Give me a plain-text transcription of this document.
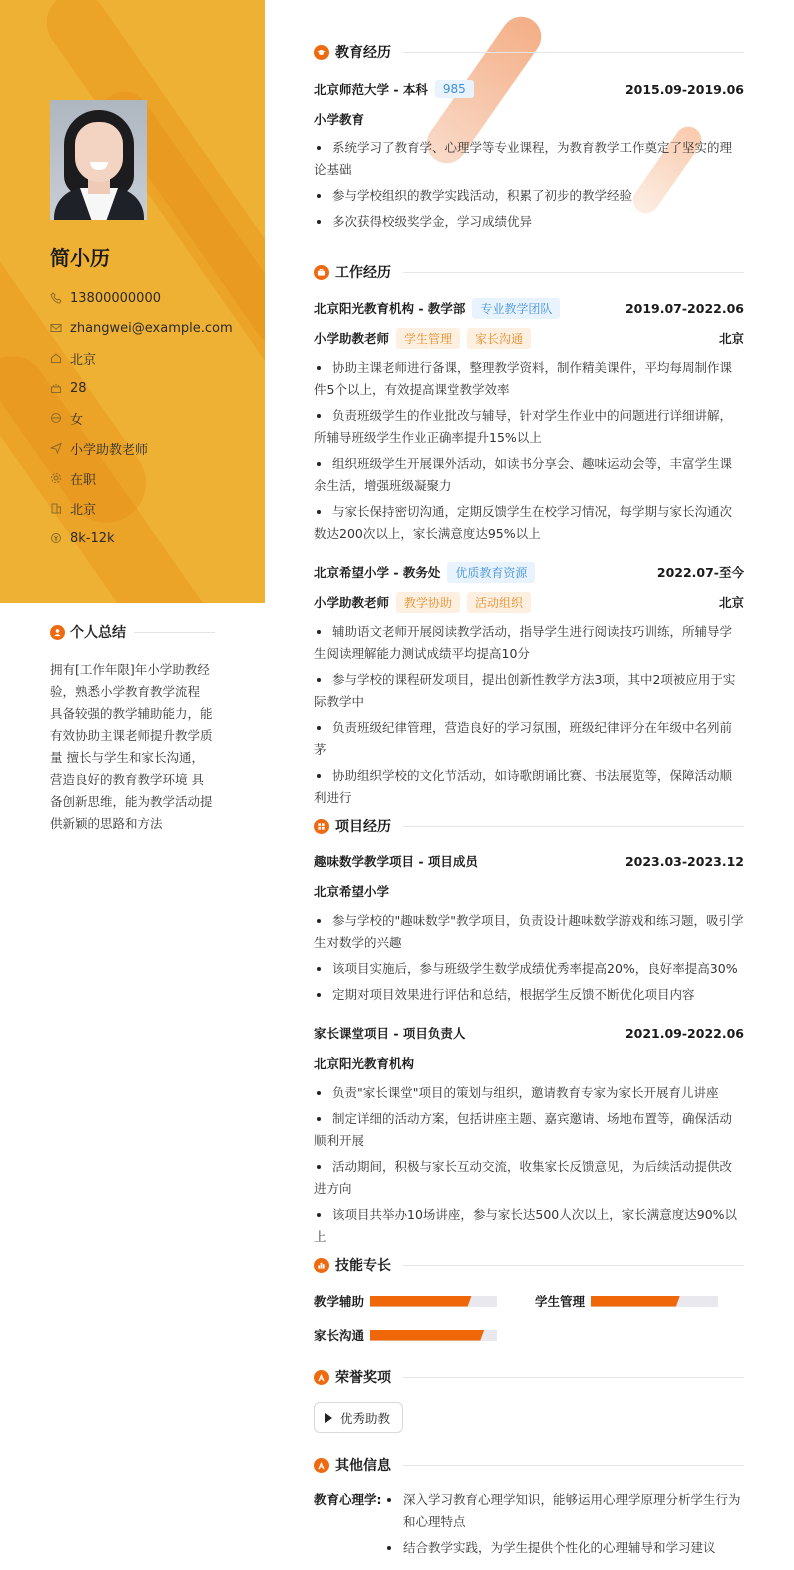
简小历
13800000000
zhangwei@example.com
北京
28
女
小学助教老师
在职
北京
8k-12k
个人总结
拥有[工作年限]年小学助教经验，熟悉小学教育教学流程 具备较强的教学辅助能力，能有效协助主课老师提升教学质量 擅长与学生和家长沟通，营造良好的教育教学环境 具备创新思维，能为教学活动提供新颖的思路和方法
教育经历
北京师范大学 - 本科	985	2015.09-2019.06
小学教育
系统学习了教育学、心理学等专业课程，为教育教学工作奠定了坚实的理论基础
参与学校组织的教学实践活动，积累了初步的教学经验
多次获得校级奖学金，学习成绩优异
工作经历
北京阳光教育机构 - 教学部	专业教学团队	2019.07-2022.06
小学助教老师	学生管理	家长沟通	北京
协助主课老师进行备课，整理教学资料，制作精美课件，平均每周制作课件5个以上，有效提高课堂教学效率
负责班级学生的作业批改与辅导，针对学生作业中的问题进行详细讲解，所辅导班级学生作业正确率提升15%以上
组织班级学生开展课外活动，如读书分享会、趣味运动会等，丰富学生课余生活，增强班级凝聚力
与家长保持密切沟通，定期反馈学生在校学习情况，每学期与家长沟通次数达200次以上，家长满意度达95%以上
北京希望小学 - 教务处	优质教育资源	2022.07-至今
小学助教老师	教学协助	活动组织	北京
辅助语文老师开展阅读教学活动，指导学生进行阅读技巧训练，所辅导学生阅读理解能力测试成绩平均提高10分
参与学校的课程研发项目，提出创新性教学方法3项，其中2项被应用于实际教学中
负责班级纪律管理，营造良好的学习氛围，班级纪律评分在年级中名列前茅
协助组织学校的文化节活动，如诗歌朗诵比赛、书法展览等，保障活动顺利进行
项目经历
趣味数学教学项目 - 项目成员	2023.03-2023.12
北京希望小学
参与学校的"趣味数学"教学项目，负责设计趣味数学游戏和练习题，吸引学生对数学的兴趣
该项目实施后，参与班级学生数学成绩优秀率提高20%，良好率提高30%
定期对项目效果进行评估和总结，根据学生反馈不断优化项目内容
家长课堂项目 - 项目负责人	2021.09-2022.06
北京阳光教育机构
负责"家长课堂"项目的策划与组织，邀请教育专家为家长开展育儿讲座
制定详细的活动方案，包括讲座主题、嘉宾邀请、场地布置等，确保活动顺利开展
活动期间，积极与家长互动交流，收集家长反馈意见，为后续活动提供改进方向
该项目共举办10场讲座，参与家长达500人次以上，家长满意度达90%以上
技能专长
教学辅助	学生管理
家长沟通
荣誉奖项
优秀助教
其他信息
教育心理学:	深入学习教育心理学知识，能够运用心理学原理分析学生行为和心理特点
结合教学实践，为学生提供个性化的心理辅导和学习建议
